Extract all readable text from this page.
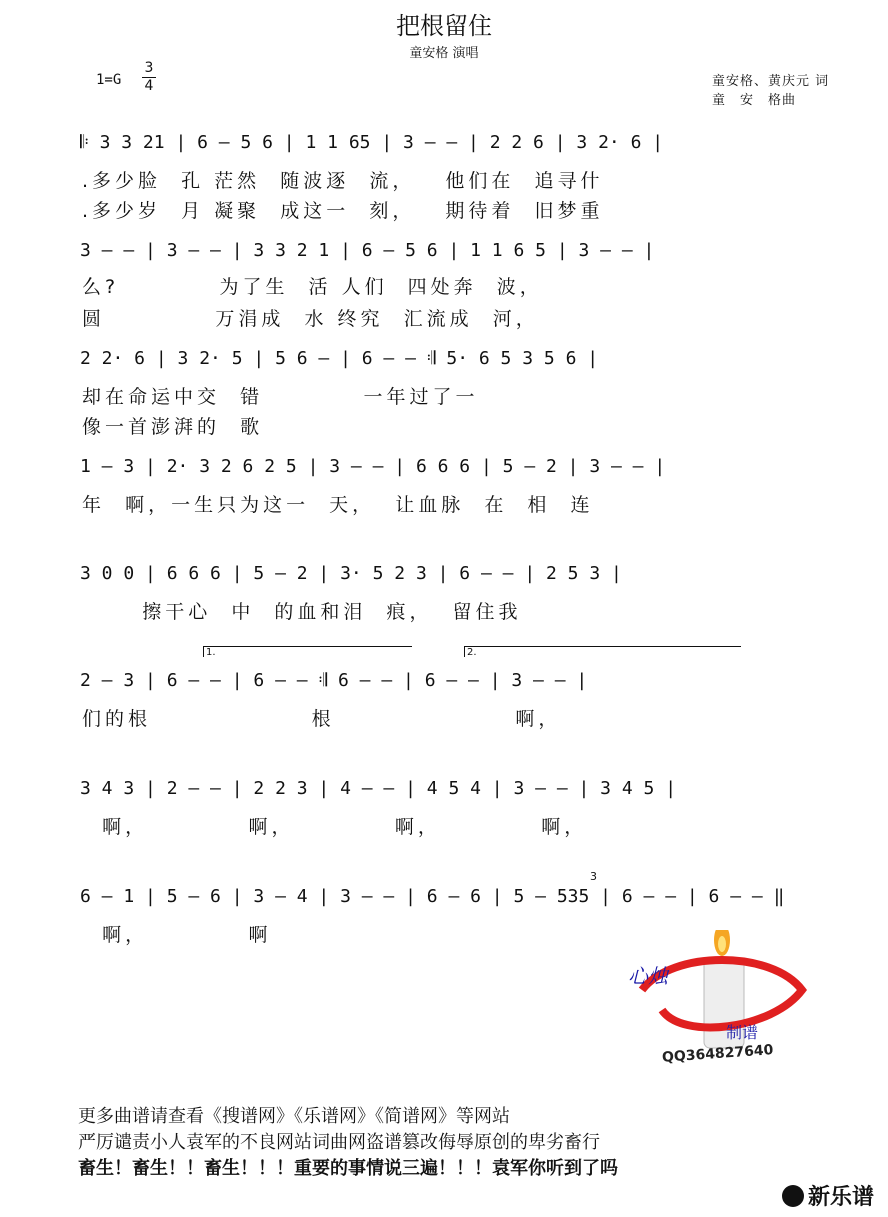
把根留住
童安格 演唱
1=G
3
4	童安格、黄庆元 词
童　安　格曲
𝄆 3 3 21 | 6 – 5 6 | 1 1 65 | 3 – – | 2 2 6 | 3 2· 6 |
.多少脸  孔 茫然  随波逐  流，   他们在  追寻什
.多少岁  月 凝聚  成这一  刻，   期待着  旧梦重
3 – – | 3 – – | 3 3 2 1 | 6 – 5 6 | 1 1 6 5 | 3 – – |
么?          为了生  活 人们  四处奔  波，
圆           万涓成  水 终究  汇流成  河，
2 2· 6 | 3 2· 5 | 5 6 – | 6 – – 𝄇 5· 6 5 3 5 6 |
却在命运中交  错          一年过了一
像一首澎湃的  歌
1 – 3 | 2· 3 2 6 2 5 | 3 – – | 6 6 6 | 5 – 2 | 3 – – |
年  啊，一生只为这一  天，  让血脉  在  相  连
3 0 0 | 6 6 6 | 5 – 2 | 3· 5 2 3 | 6 – – | 2 5 3 |
擦干心  中  的血和泪  痕，  留住我
1.	2.
2 – 3 | 6 – – | 6 – – 𝄇 6 – – | 6 – – | 3 – – |
们的根                根                  啊，
3 4 3 | 2 – – | 2 2 3 | 4 – – | 4 5 4 | 3 – – | 3 4 5 |
啊，          啊，          啊，          啊，
3
6 – 1 | 5 – 6 | 3 – 4 | 3 – – | 6 – 6 | 5 – 535 | 6 – – | 6 – – ‖
啊，          啊
心烛
制谱
QQ364827640
更多曲谱请查看《搜谱网》《乐谱网》《简谱网》等网站
严厉谴责小人袁军的不良网站词曲网盗谱篡改侮辱原创的卑劣畜行
畜生！畜生！！畜生！！！重要的事情说三遍！！！袁军你听到了吗
新乐谱
